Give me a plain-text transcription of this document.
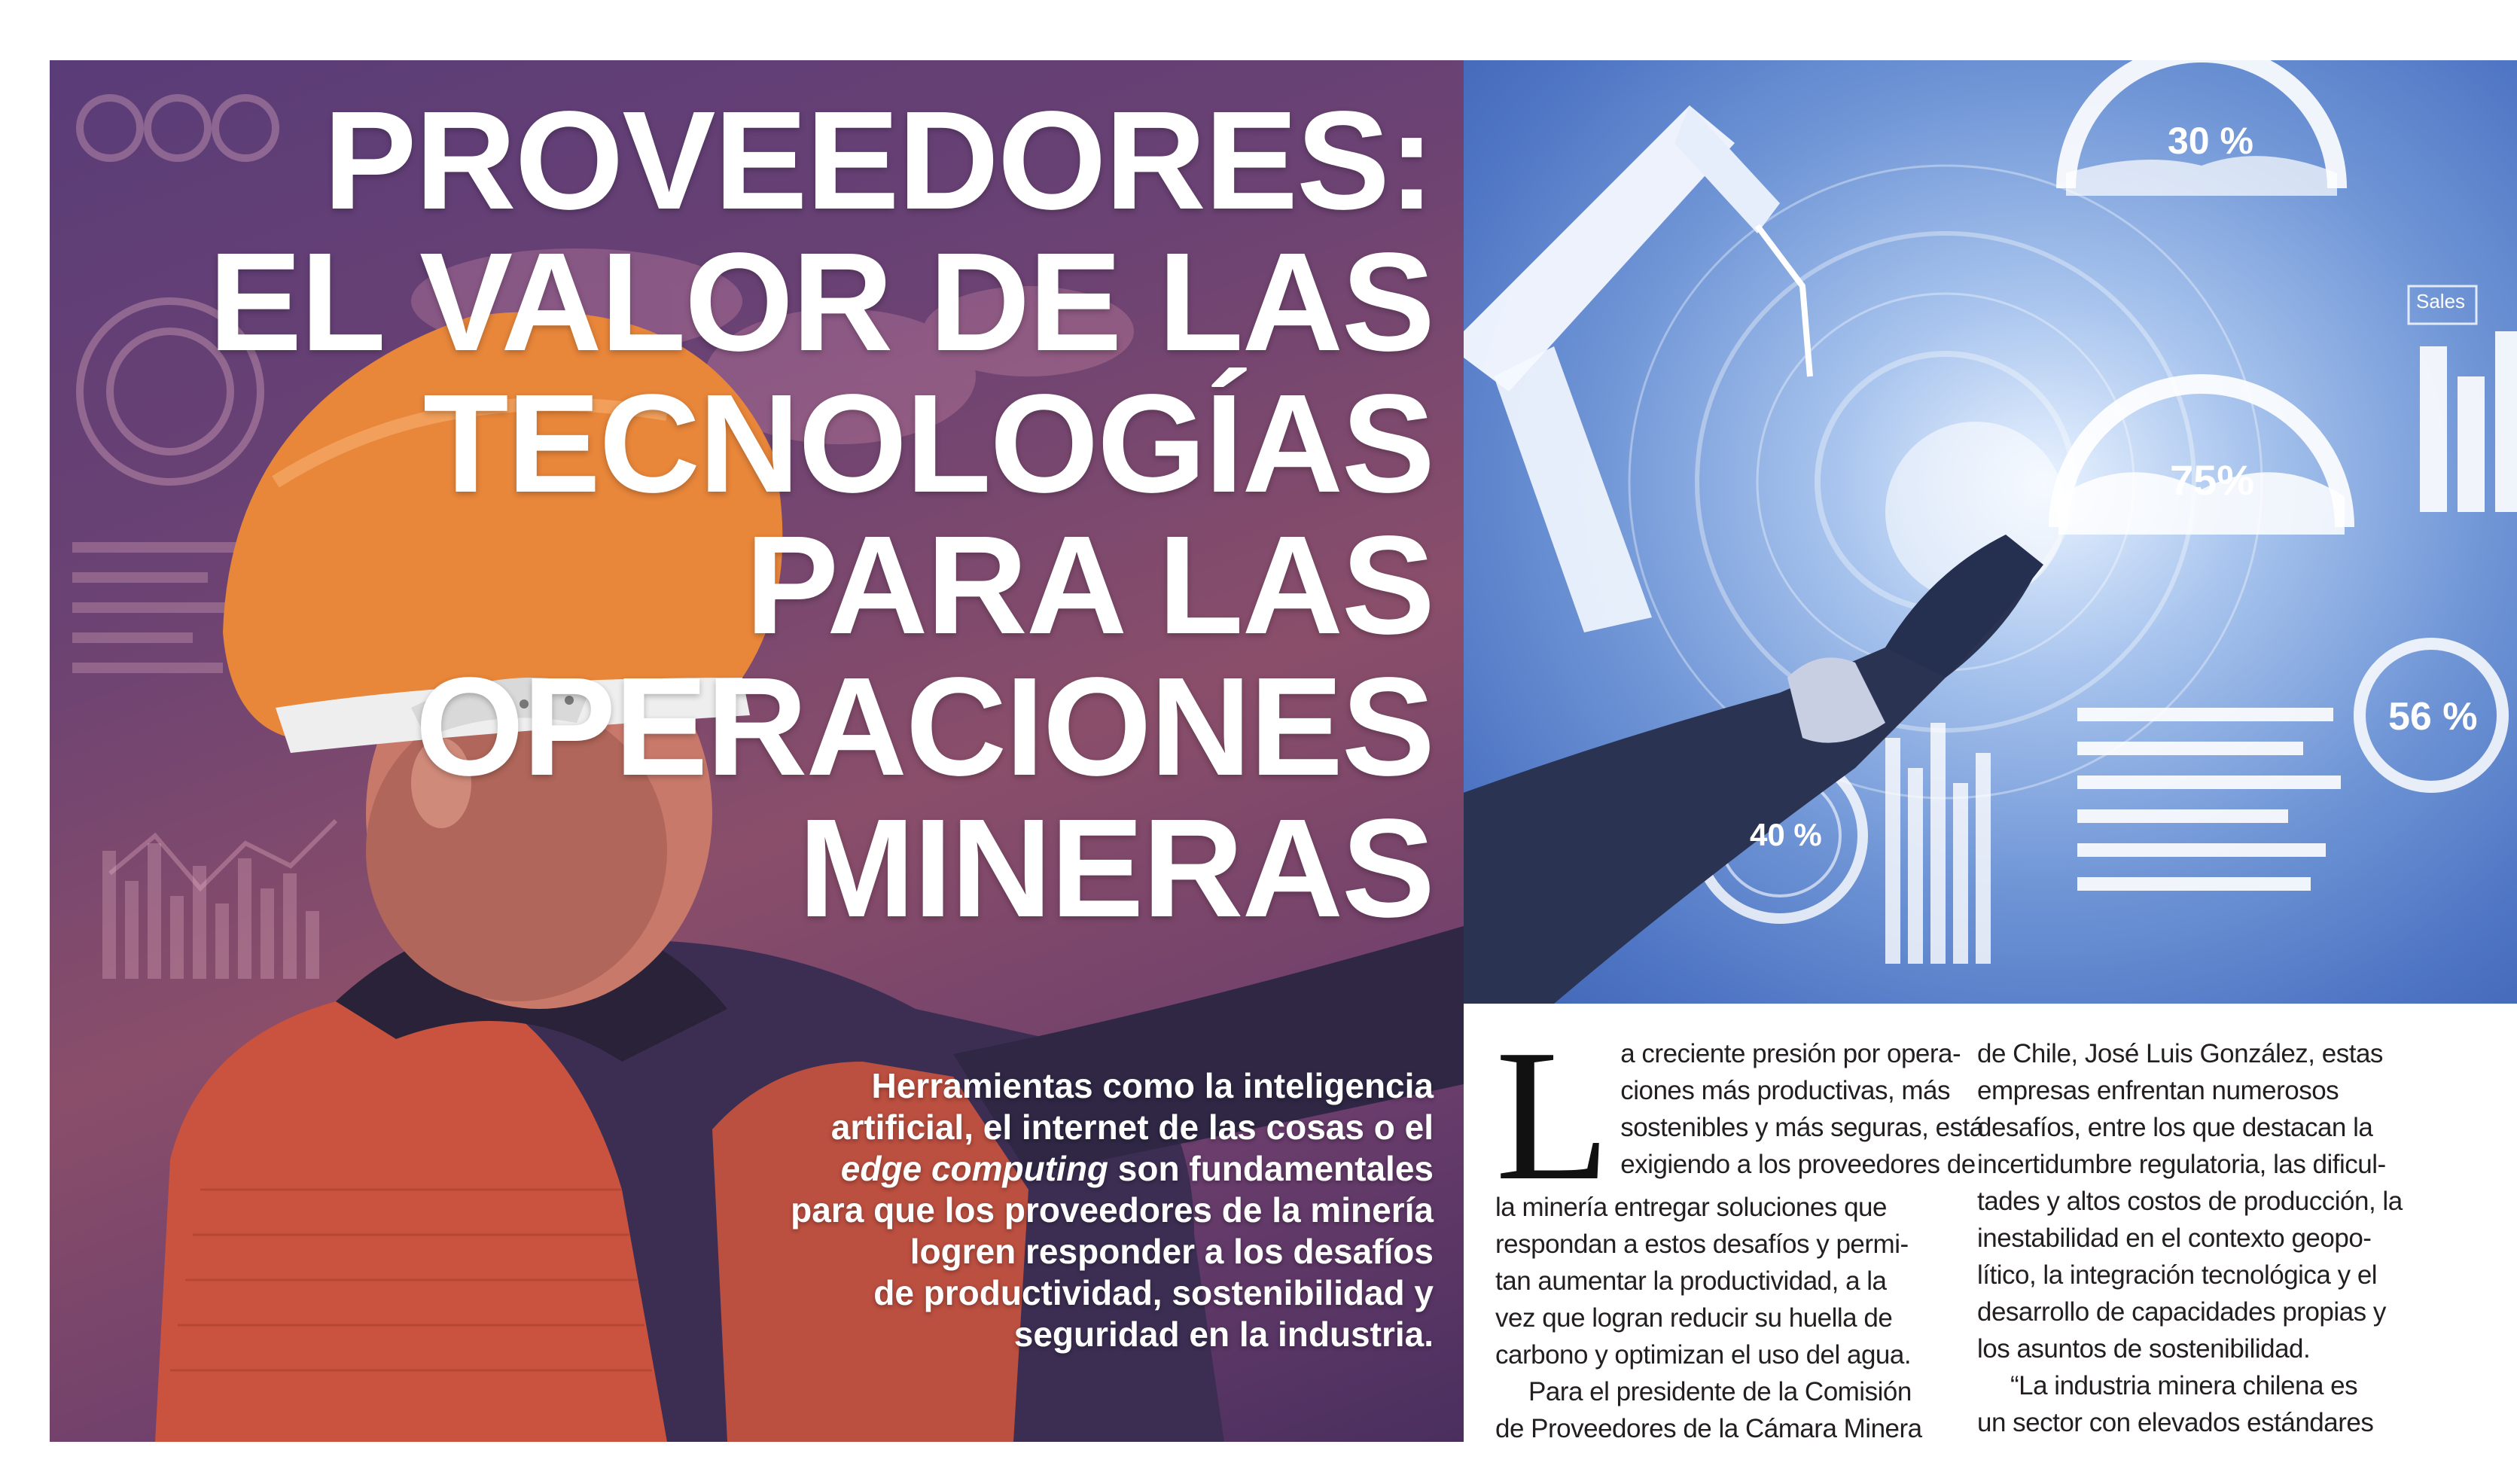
PROVEEDORES:
EL VALOR DE LAS
TECNOLOGÍAS
PARA LAS
OPERACIONES
MINERAS

Herramientas como la inteligencia
artificial, el internet de las cosas o el
edge computing son fundamentales
para que los proveedores de la minería
logren responder a los desafíos
de productividad, sostenibilidad y
seguridad en la industria.

30 %
75%
56 %
40 %
Sales
L a creciente presión por opera-
ciones más productivas, más
sostenibles y más seguras, está
exigiendo a los proveedores de
la minería entregar soluciones que
respondan a estos desafíos y permi-
tan aumentar la productividad, a la
vez que logran reducir su huella de
carbono y optimizan el uso del agua.
Para el presidente de la Comisión
de Proveedores de la Cámara Minera
de Chile, José Luis González, estas
empresas enfrentan numerosos
desafíos, entre los que destacan la
incertidumbre regulatoria, las dificul-
tades y altos costos de producción, la
inestabilidad en el contexto geopo-
lítico, la integración tecnológica y el
desarrollo de capacidades propias y
los asuntos de sostenibilidad.
“La industria minera chilena es
un sector con elevados estándares
